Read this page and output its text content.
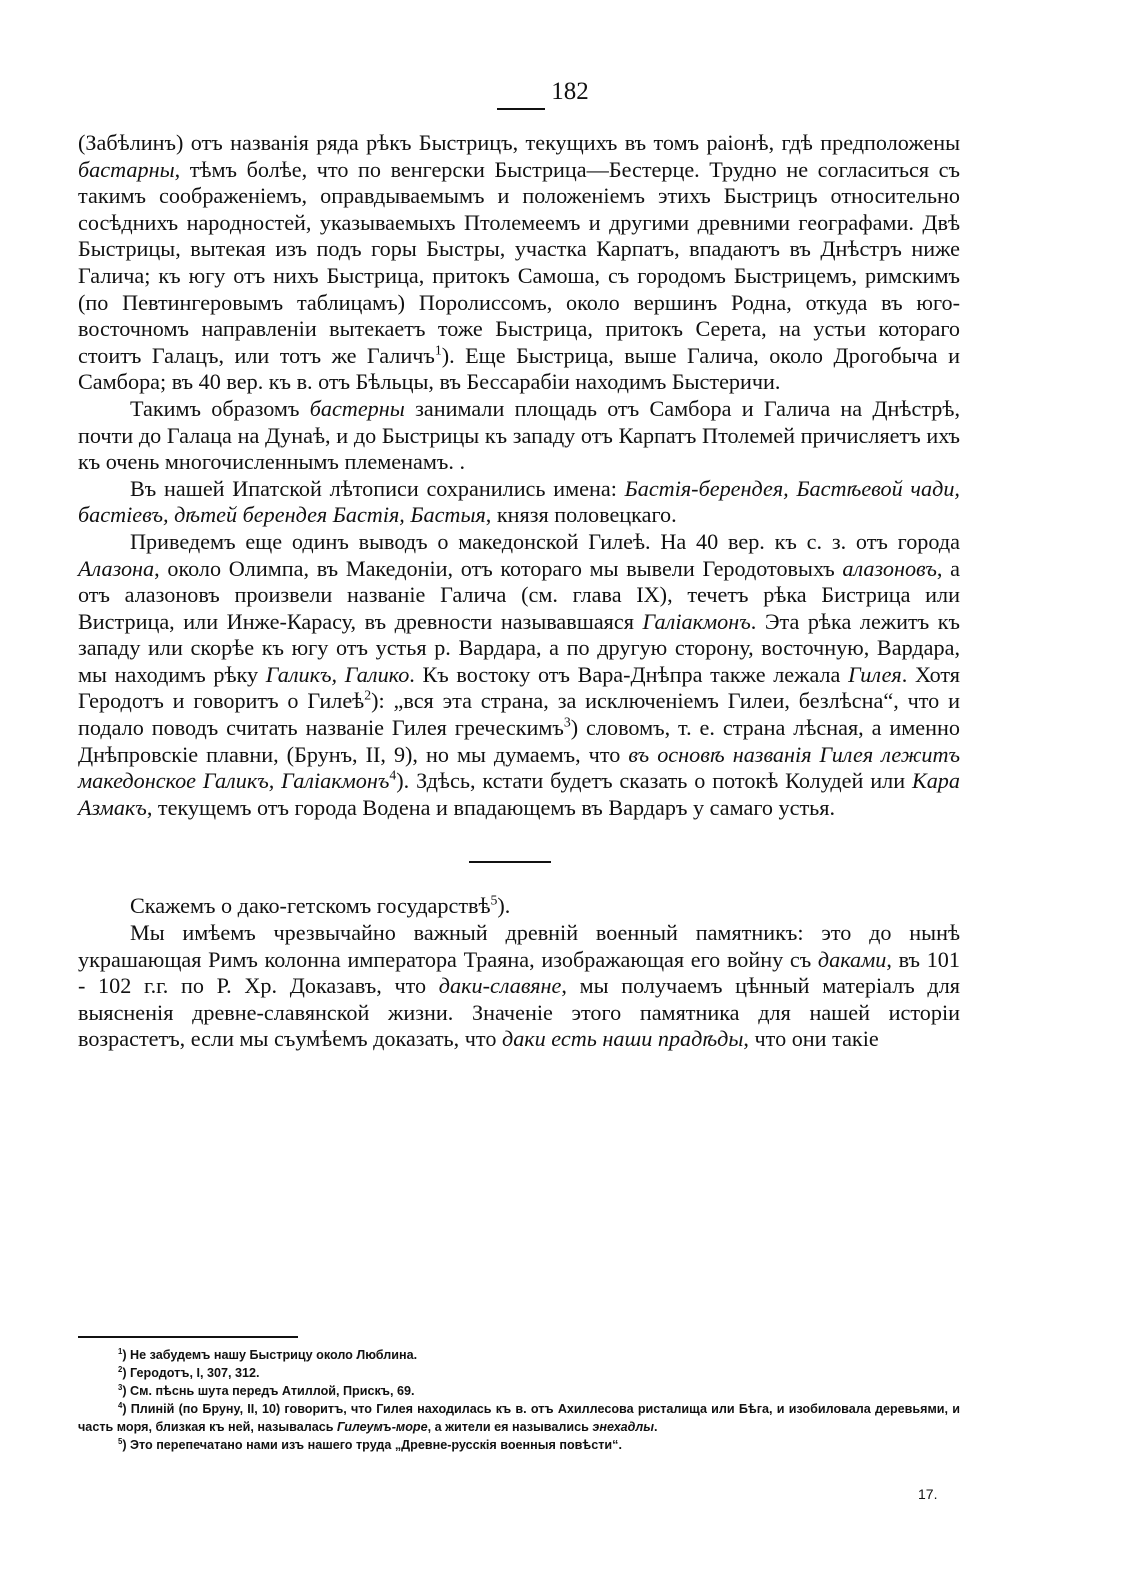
182

(Забѣлинъ) отъ названія ряда рѣкъ Быстрицъ, текущихъ въ томъ раіонѣ, гдѣ предположены бастарны, тѣмъ болѣе, что по венгерски Быстрица—Бестерце. Трудно не согласиться съ такимъ соображеніемъ, оправдываемымъ и положеніемъ этихъ Быстрицъ относительно сосѣднихъ народностей, указываемыхъ Птолемеемъ и другими древними географами. Двѣ Быстрицы, вытекая изъ подъ горы Быстры, участка Карпатъ, впадаютъ въ Днѣстръ ниже Галича; къ югу отъ нихъ Быстрица, притокъ Самоша, съ городомъ Быстрицемъ, римскимъ (по Певтингеровымъ таблицамъ) Поролиссомъ, около вершинъ Родна, откуда въ юго-восточномъ направленіи вытекаетъ тоже Быстрица, притокъ Серета, на устьи котораго стоитъ Галацъ, или тотъ же Галичъ$^1$). Еще Быстрица, выше Галича, около Дрогобыча и Самбора; въ 40 вер. къ в. отъ Бѣльцы, въ Бессарабіи находимъ Быстеричи.

Такимъ образомъ бастерны занимали площадь отъ Самбора и Галича на Днѣстрѣ, почти до Галаца на Дунаѣ, и до Быстрицы къ западу отъ Карпатъ Птолемей причисляетъ ихъ къ очень многочисленнымъ племенамъ. .

Въ нашей Ипатской лѣтописи сохранились имена: Бастія-берендея, Бастѣевой чади, бастіевъ, дѣтей берендея Бастія, Бастыя, князя половецкаго.

Приведемъ еще одинъ выводъ о македонской Гилеѣ. На 40 вер. къ с. з. отъ города Алазона, около Олимпа, въ Македоніи, отъ котораго мы вывели Геродотовыхъ алазоновъ, а отъ алазоновъ произвели названіе Галича (см. глава IX), течетъ рѣка Бистрица или Вистрица, или Инже-Карасу, въ древности называвшаяся Галіакмонъ. Эта рѣка лежитъ къ западу или скорѣе къ югу отъ устья р. Вардара, а по другую сторону, восточную, Вардара, мы находимъ рѣку Галикъ, Галико. Къ востоку отъ Вара-Днѣпра также лежала Гилея. Хотя Геродотъ и говоритъ о Гилеѣ$^2$): „вся эта страна, за исключеніемъ Гилеи, безлѣсна“, что и подало поводъ считать названіе Гилея греческимъ$^3$) словомъ, т. е. страна лѣсная, а именно Днѣпровскіе плавни, (Брунъ, II, 9), но мы думаемъ, что въ основѣ названія Гилея лежитъ македонское Галикъ, Галіакмонъ$^4$). Здѣсь, кстати будетъ сказать о потокѣ Колудей или Кара Азмакъ, текущемъ отъ города Водена и впадающемъ въ Вардаръ у самаго устья.

Скажемъ о дако-гетскомъ государствѣ$^5$).

Мы имѣемъ чрезвычайно важный древній военный памятникъ: это до нынѣ украшающая Римъ колонна императора Траяна, изображающая его войну съ даками, въ 101 - 102 г.г. по Р. Хр. Доказавъ, что даки-славяне, мы получаемъ цѣнный матеріалъ для выясненія древне-славянской жизни. Значеніе этого памятника для нашей исторіи возрастетъ, если мы съумѣемъ доказать, что даки есть наши прадѣды, что они такіе

$^1$) Не забудемъ нашу Быстрицу около Люблина.

$^2$) Геродотъ, I, 307, 312.

$^3$) См. пѣснь шута передъ Атиллой, Прискъ, 69.

$^4$) Плиній (по Бруну, II, 10) говоритъ, что Гилея находилась къ в. отъ Ахиллесова ристалища или Бѣга, и изобиловала деревьями, и часть моря, близкая къ ней, называлась Гилеумъ-море, а жители ея назывались энехадлы.

$^5$) Это перепечатано нами изъ нашего труда „Древне-русскія военныя повѣсти“.

17.
